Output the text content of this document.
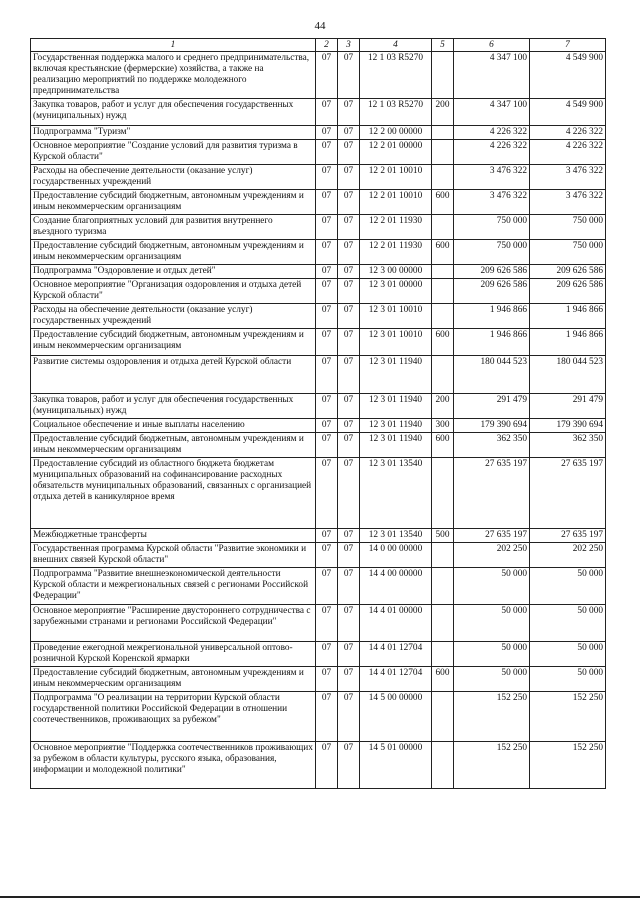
44
1	2	3	4	5	6	7
Государственная поддержка малого и среднего предпринимательства, включая крестьянские (фермерские) хозяйства, а также на реализацию мероприятий по поддержке молодежного предпринимательства	07	07	12 1 03 R5270		4 347 100	4 549 900
Закупка товаров, работ и услуг для обеспечения государственных (муниципальных) нужд	07	07	12 1 03 R5270	200	4 347 100	4 549 900
Подпрограмма "Туризм"	07	07	12 2 00 00000		4 226 322	4 226 322
Основное мероприятие "Создание условий для развития туризма в Курской области"	07	07	12 2 01 00000		4 226 322	4 226 322
Расходы на обеспечение деятельности (оказание услуг) государственных учреждений	07	07	12 2 01 10010		3 476 322	3 476 322
Предоставление субсидий бюджетным, автономным учреждениям и иным некоммерческим организациям	07	07	12 2 01 10010	600	3 476 322	3 476 322
Создание благоприятных условий для развития внутреннего въездного туризма	07	07	12 2 01 11930		750 000	750 000
Предоставление субсидий бюджетным, автономным учреждениям и иным некоммерческим организациям	07	07	12 2 01 11930	600	750 000	750 000
Подпрограмма "Оздоровление и отдых детей"	07	07	12 3 00 00000		209 626 586	209 626 586
Основное мероприятие "Организация оздоровления и отдыха детей Курской области"	07	07	12 3 01 00000		209 626 586	209 626 586
Расходы на обеспечение деятельности (оказание услуг) государственных учреждений	07	07	12 3 01 10010		1 946 866	1 946 866
Предоставление субсидий бюджетным, автономным учреждениям и иным некоммерческим организациям	07	07	12 3 01 10010	600	1 946 866	1 946 866
Развитие системы оздоровления и отдыха детей Курской области	07	07	12 3 01 11940		180 044 523	180 044 523
Закупка товаров, работ и услуг для обеспечения государственных (муниципальных) нужд	07	07	12 3 01 11940	200	291 479	291 479
Социальное обеспечение и иные выплаты населению	07	07	12 3 01 11940	300	179 390 694	179 390 694
Предоставление субсидий бюджетным, автономным учреждениям и иным некоммерческим организациям	07	07	12 3 01 11940	600	362 350	362 350
Предоставление субсидий из областного бюджета бюджетам муниципальных образований на софинансирование расходных обязательств муниципальных образований, связанных с организацией отдыха детей в каникулярное время	07	07	12 3 01 13540		27 635 197	27 635 197
Межбюджетные трансферты	07	07	12 3 01 13540	500	27 635 197	27 635 197
Государственная программа Курской области "Развитие экономики и внешних связей Курской области"	07	07	14 0 00 00000		202 250	202 250
Подпрограмма "Развитие внешнеэкономической деятельности Курской области и межрегиональных связей с регионами Российской Федерации"	07	07	14 4 00 00000		50 000	50 000
Основное мероприятие "Расширение двустороннего сотрудничества с зарубежными странами и регионами Российской Федерации"	07	07	14 4 01 00000		50 000	50 000
Проведение ежегодной межрегиональной универсальной оптово-розничной Курской Коренской ярмарки	07	07	14 4 01 12704		50 000	50 000
Предоставление субсидий бюджетным, автономным учреждениям и иным некоммерческим организациям	07	07	14 4 01 12704	600	50 000	50 000
Подпрограмма "О реализации на территории Курской области государственной политики Российской Федерации в отношении соотечественников, проживающих за рубежом"	07	07	14 5 00 00000		152 250	152 250
Основное мероприятие "Поддержка соотечественников проживающих за рубежом в области культуры, русского языка, образования, информации и молодежной политики"	07	07	14 5 01 00000		152 250	152 250
